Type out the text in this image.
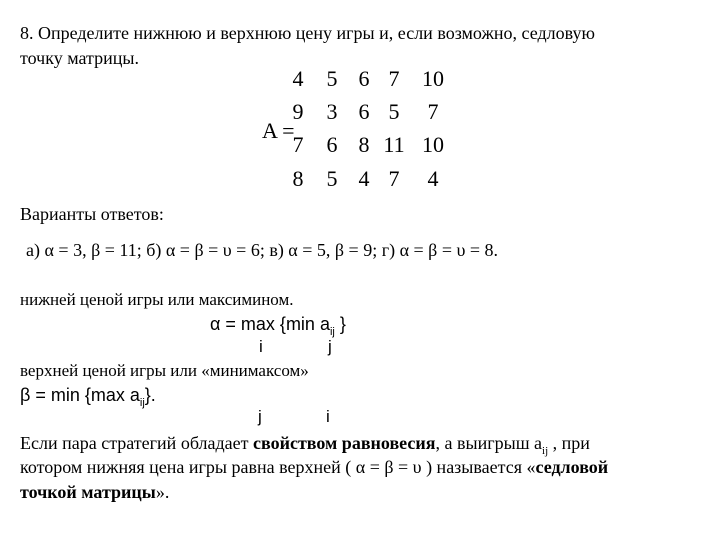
8. Определите нижнюю и верхнюю цену игры и, если возможно, седловую
точку матрицы.
A =
4	5 6 7	10
9	3 6 5	7
7	6 8 11 10
8	5 4 7	4
Варианты ответов:
а) α = 3, β = 11; б) α = β = υ = 6; в) α = 5, β = 9; г) α = β = υ = 8.
нижней ценой игры или максимином.
α = max {min $a_{ij}$ }
i	j
верхней ценой игры или «минимаксом»
β = min {max $a_{ij}$}.
j	i
Если пара стратегий обладает свойством равновесия, а выигрыш $a_{ij}$ , при
котором нижняя цена игры равна верхней ( α = β = υ ) называется «седловой
точкой матрицы».
